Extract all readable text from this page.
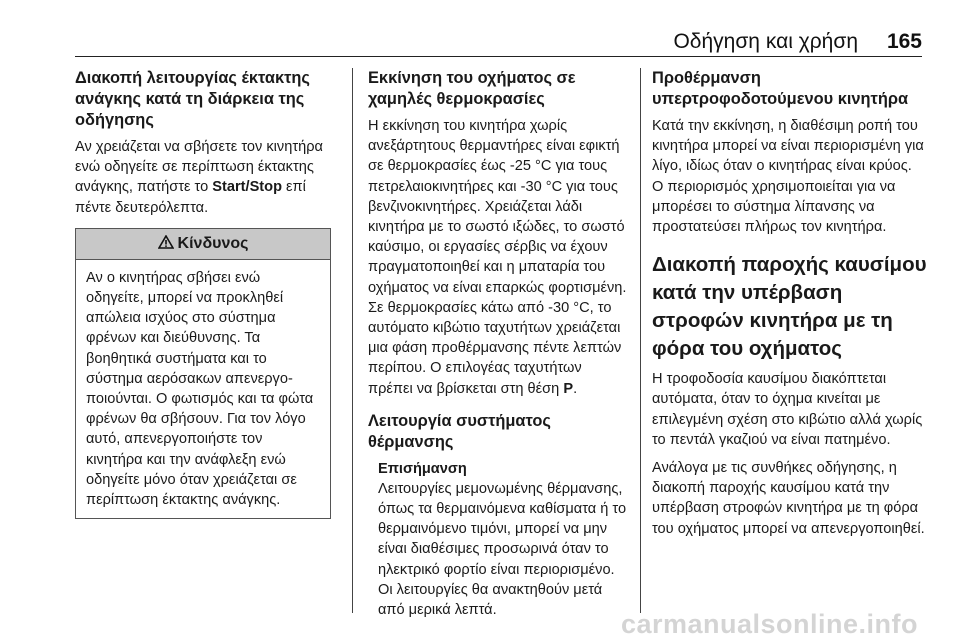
Οδήγηση και χρήση 165
Διακοπή λειτουργίας έκτακτης ανάγκης κατά τη διάρκεια της οδήγησης

Αν χρειάζεται να σβήσετε τον κινητήρα ενώ οδηγείτε σε περίπτωση έκτακτης ανάγκης, πατήστε το Start/Stop επί πέντε δευτερόλεπτα.

Κίνδυνος
Αν ο κινητήρας σβήσει ενώ οδηγείτε, μπορεί να προκληθεί απώλεια ισχύος στο σύστημα φρένων και διεύθυνσης. Τα βοηθητικά συστήματα και το σύστημα αερόσακων απενεργοποιούνται. Ο φωτισμός και τα φώτα φρένων θα σβήσουν. Για τον λόγο αυτό, απενεργοποιήστε τον κινητήρα και την ανάφλεξη ενώ οδηγείτε μόνο όταν χρειάζεται σε περίπτωση έκτακτης ανάγκης.
Εκκίνηση του οχήματος σε χαμηλές θερμοκρασίες

Η εκκίνηση του κινητήρα χωρίς ανεξάρτητους θερμαντήρες είναι εφικτή σε θερμοκρασίες έως -25 °C για τους πετρελαιοκινητήρες και -30 °C για τους βενζινοκινητήρες. Χρειάζεται λάδι κινητήρα με το σωστό ιξώδες, το σωστό καύσιμο, οι εργασίες σέρβις να έχουν πραγματοποιηθεί και η μπαταρία του οχήματος να είναι επαρκώς φορτισμένη. Σε θερμοκρασίες κάτω από -30 °C, το αυτόματο κιβώτιο ταχυτήτων χρειάζεται μια φάση προθέρμανσης πέντε λεπτών περίπου. Ο επιλογέας ταχυτήτων πρέπει να βρίσκεται στη θέση P.

Λειτουργία συστήματος θέρμανσης
Επισήμανση

Λειτουργίες μεμονωμένης θέρμανσης, όπως τα θερμαινόμενα καθίσματα ή το θερμαινόμενο τιμόνι, μπορεί να μην είναι διαθέσιμες προσωρινά όταν το ηλεκτρικό φορτίο είναι περιορισμένο. Οι λειτουργίες θα ανακτηθούν μετά από μερικά λεπτά.

Προθέρμανση υπερτροφοδοτούμενου κινητήρα

Κατά την εκκίνηση, η διαθέσιμη ροπή του κινητήρα μπορεί να είναι περιορισμένη για λίγο, ιδίως όταν ο κινητήρας είναι κρύος. Ο περιορισμός χρησιμοποιείται για να μπορέσει το σύστημα λίπανσης να προστατεύσει πλήρως τον κινητήρα.

Διακοπή παροχής καυσίμου κατά την υπέρβαση στροφών κινητήρα με τη φόρα του οχήματος

Η τροφοδοσία καυσίμου διακόπτεται αυτόματα, όταν το όχημα κινείται με επιλεγμένη σχέση στο κιβώτιο αλλά χωρίς το πεντάλ γκαζιού να είναι πατημένο.

Ανάλογα με τις συνθήκες οδήγησης, η διακοπή παροχής καυσίμου κατά την υπέρβαση στροφών κινητήρα με τη φόρα του οχήματος μπορεί να απενεργοποιηθεί.

carmanualsonline.info
